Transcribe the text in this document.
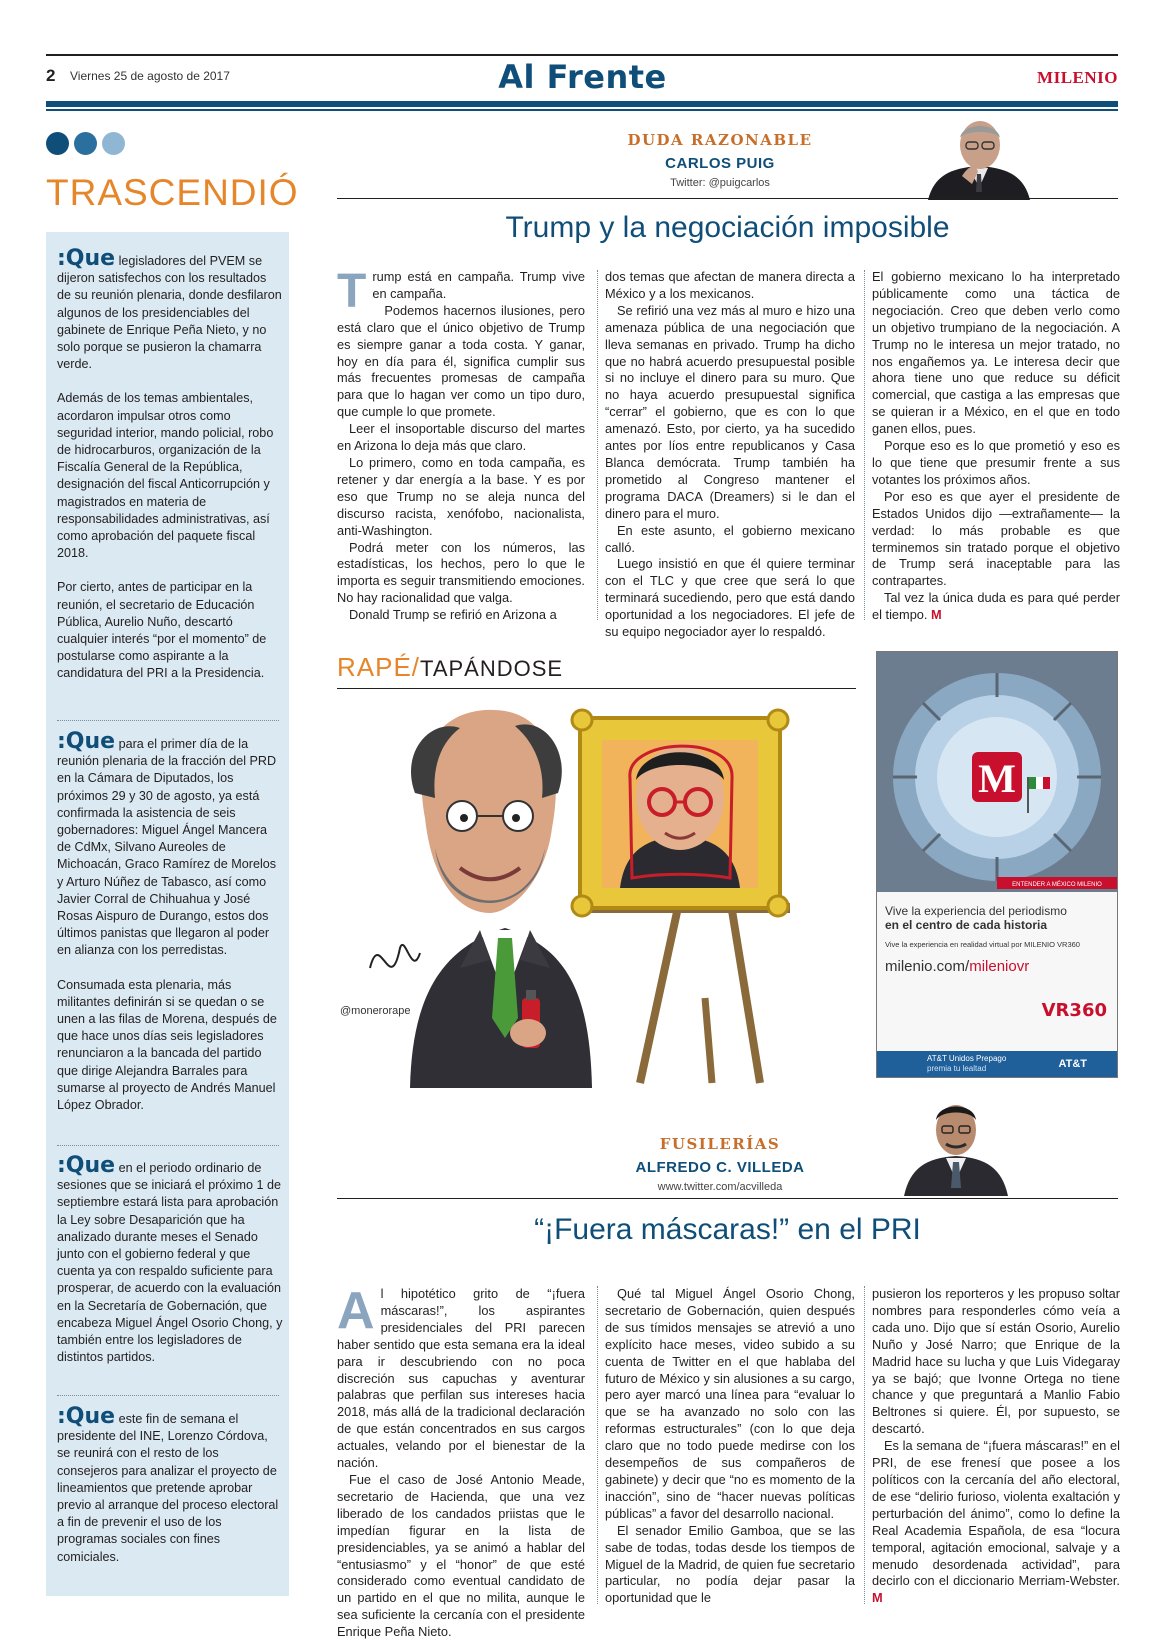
2 Viernes 25 de agosto de 2017	Al Frente	MILENIO
TRASCENDIÓ

:Que legisladores del PVEM se dijeron satisfechos con los resultados de su reunión plenaria, donde desfilaron algunos de los presidenciables del gabinete de Enrique Peña Nieto, y no solo porque se pusieron la chamarra verde.

Además de los temas ambientales, acordaron impulsar otros como seguridad interior, mando policial, robo de hidrocarburos, organización de la Fiscalía General de la República, designación del fiscal Anticorrupción y magistrados en materia de responsabilidades administrativas, así como aprobación del paquete fiscal 2018.

Por cierto, antes de participar en la reunión, el secretario de Educación Pública, Aurelio Nuño, descartó cualquier interés “por el momento” de postularse como aspirante a la candidatura del PRI a la Presidencia.

:Que para el primer día de la reunión plenaria de la fracción del PRD en la Cámara de Diputados, los próximos 29 y 30 de agosto, ya está confirmada la asistencia de seis gobernadores: Miguel Ángel Mancera de CdMx, Silvano Aureoles de Michoacán, Graco Ramírez de Morelos y Arturo Núñez de Tabasco, así como Javier Corral de Chihuahua y José Rosas Aispuro de Durango, estos dos últimos panistas que llegaron al poder en alianza con los perredistas.

Consumada esta plenaria, más militantes definirán si se quedan o se unen a las filas de Morena, después de que hace unos días seis legisladores renunciaron a la bancada del partido que dirige Alejandra Barrales para sumarse al proyecto de Andrés Manuel López Obrador.

:Que en el periodo ordinario de sesiones que se iniciará el próximo 1 de septiembre estará lista para aprobación la Ley sobre Desaparición que ha analizado durante meses el Senado junto con el gobierno federal y que cuenta ya con respaldo suficiente para prosperar, de acuerdo con la evaluación en la Secretaría de Gobernación, que encabeza Miguel Ángel Osorio Chong, y también entre los legisladores de distintos partidos.

:Que este fin de semana el presidente del INE, Lorenzo Córdova, se reunirá con el resto de los consejeros para analizar el proyecto de lineamientos que pretende aprobar previo al arranque del proceso electoral a fin de prevenir el uso de los programas sociales con fines comiciales.

DUDA RAZONABLE
CARLOS PUIG
Twitter: @puigcarlos
Trump y la negociación imposible
T rump está en campaña. Trump vive en campaña.

Podemos hacernos ilusiones, pero está claro que el único objetivo de Trump es siempre ganar a toda costa. Y ganar, hoy en día para él, significa cumplir sus más frecuentes promesas de campaña para que lo hagan ver como un tipo duro, que cumple lo que promete.

Leer el insoportable discurso del martes en Arizona lo deja más que claro.

Lo primero, como en toda campaña, es retener y dar energía a la base. Y es por eso que Trump no se aleja nunca del discurso racista, xenófobo, nacionalista, anti-Washington.

Podrá meter con los números, las estadísticas, los hechos, pero lo que le importa es seguir transmitiendo emociones. No hay racionalidad que valga.

Donald Trump se refirió en Arizona a

dos temas que afectan de manera directa a México y a los mexicanos.

Se refirió una vez más al muro e hizo una amenaza pública de una negociación que lleva semanas en privado. Trump ha dicho que no habrá acuerdo presupuestal posible si no incluye el dinero para su muro. Que no haya acuerdo presupuestal significa “cerrar” el gobierno, que es con lo que amenazó. Esto, por cierto, ya ha sucedido antes por líos entre republicanos y Casa Blanca demócrata. Trump también ha prometido al Congreso mantener el programa DACA (Dreamers) si le dan el dinero para el muro.

En este asunto, el gobierno mexicano calló.

Luego insistió en que él quiere terminar con el TLC y que cree que será lo que terminará sucediendo, pero que está dando oportunidad a los negociadores. El jefe de su equipo negociador ayer lo respaldó.

El gobierno mexicano lo ha interpretado públicamente como una táctica de negociación. Creo que deben verlo como un objetivo trumpiano de la negociación. A Trump no le interesa un mejor tratado, no nos engañemos ya. Le interesa decir que ahora tiene uno que reduce su déficit comercial, que castiga a las empresas que se quieran ir a México, en el que en todo ganen ellos, pues.

Porque eso es lo que prometió y eso es lo que tiene que presumir frente a sus votantes los próximos años.

Por eso es que ayer el presidente de Estados Unidos dijo —extrañamente— la verdad: lo más probable es que terminemos sin tratado porque el objetivo de Trump será inaceptable para las contrapartes.

Tal vez la única duda es para qué perder el tiempo. M

RAPÉ/TAPÁNDOSE
@monerorape
M
ENTENDER A MÉXICO MILENIO
Vive la experiencia del periodismo
en el centro de cada historia
Vive la experiencia en realidad virtual por MILENIO VR360
milenio.com/mileniovr
VR360
AT&T Unidos Prepago
premia tu lealtad	AT&T
FUSILERÍAS
ALFREDO C. VILLEDA
www.twitter.com/acvilleda
“¡Fuera máscaras!” en el PRI
A l hipotético grito de “¡fuera máscaras!”, los aspirantes presidenciales del PRI parecen haber sentido que esta semana era la ideal para ir descubriendo con no poca discreción sus capuchas y aventurar palabras que perfilan sus intereses hacia 2018, más allá de la tradicional declaración de que están concentrados en sus cargos actuales, velando por el bienestar de la nación.

Fue el caso de José Antonio Meade, secretario de Hacienda, que una vez liberado de los candados priistas que le impedían figurar en la lista de presidenciables, ya se animó a hablar del “entusiasmo” y el “honor” de que esté considerado como eventual candidato de un partido en el que no milita, aunque le sea suficiente la cercanía con el presidente Enrique Peña Nieto.

Qué tal Miguel Ángel Osorio Chong, secretario de Gobernación, quien después de sus tímidos mensajes se atrevió a uno explícito hace meses, video subido a su cuenta de Twitter en el que hablaba del futuro de México y sin alusiones a su cargo, pero ayer marcó una línea para “evaluar lo que se ha avanzado no solo con las reformas estructurales” (con lo que deja claro que no todo puede medirse con los desempeños de sus compañeros de gabinete) y decir que “no es momento de la inacción”, sino de “hacer nuevas políticas públicas” a favor del desarrollo nacional.

El senador Emilio Gamboa, que se las sabe de todas, todas desde los tiempos de Miguel de la Madrid, de quien fue secretario particular, no podía dejar pasar la oportunidad que le

pusieron los reporteros y les propuso soltar nombres para responderles cómo veía a cada uno. Dijo que sí están Osorio, Aurelio Nuño y José Narro; que Enrique de la Madrid hace su lucha y que Luis Videgaray ya se bajó; que Ivonne Ortega no tiene chance y que preguntará a Manlio Fabio Beltrones si quiere. Él, por supuesto, se descartó.

Es la semana de “¡fuera máscaras!” en el PRI, de ese frenesí que posee a los políticos con la cercanía del año electoral, de ese “delirio furioso, violenta exaltación y perturbación del ánimo”, como lo define la Real Academia Española, de esa “locura temporal, agitación emocional, salvaje y a menudo desordenada actividad”, para decirlo con el diccionario Merriam-Webster. M
